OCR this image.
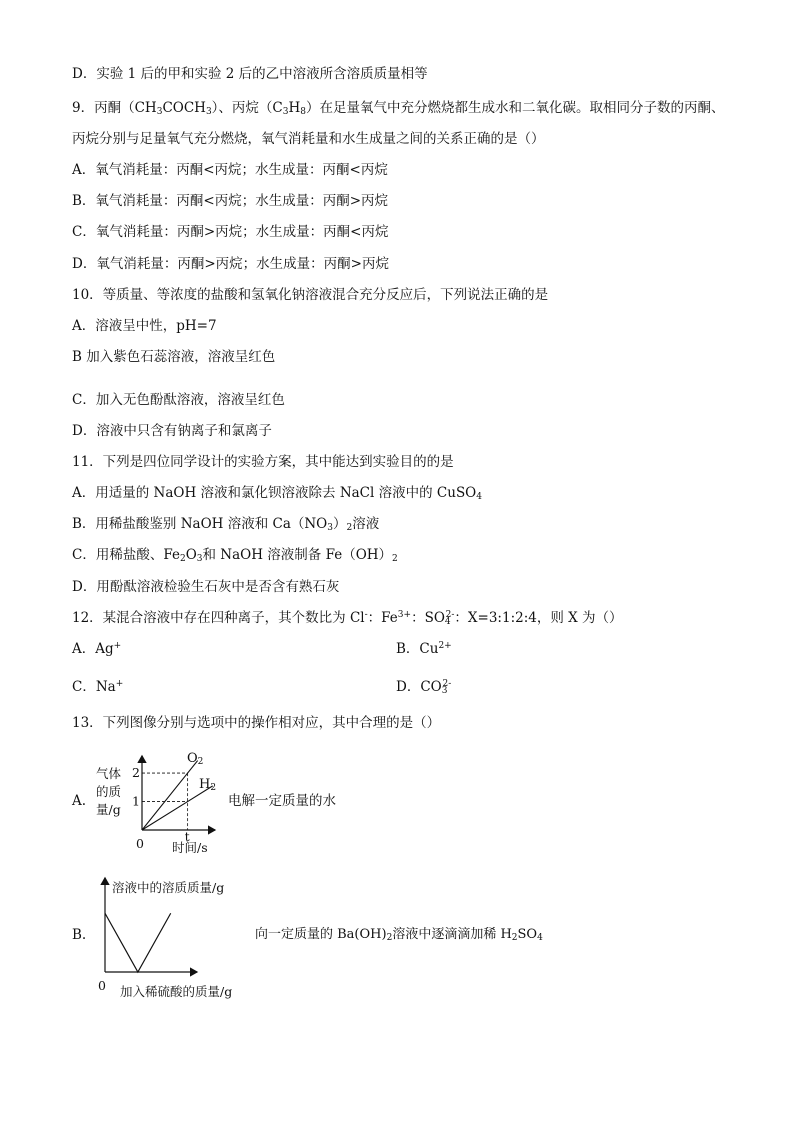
D．实验 1 后的甲和实验 2 后的乙中溶液所含溶质质量相等
9．丙酮$(CH_3COCH_3)$、丙烷$(C_3H_8)$在足量氧气中充分燃烧都生成水和二氧化碳。取相同分子数的丙酮、
丙烷分别与足量氧气充分燃烧，氧气消耗量和水生成量之间的关系正确的是（）
A．氧气消耗量：丙酮<丙烷；水生成量：丙酮<丙烷
B．氧气消耗量：丙酮<丙烷；水生成量：丙酮>丙烷
C．氧气消耗量：丙酮>丙烷；水生成量：丙酮<丙烷
D．氧气消耗量：丙酮>丙烷；水生成量：丙酮>丙烷
10．等质量、等浓度的盐酸和氢氧化钠溶液混合充分反应后，下列说法正确的是
A．溶液呈中性，pH=7
B 加入紫色石蕊溶液，溶液呈红色
C．加入无色酚酞溶液，溶液呈红色
D．溶液中只含有钠离子和氯离子
11．下列是四位同学设计的实验方案，其中能达到实验目的的是
A．用适量的 NaOH 溶液和氯化钡溶液除去 NaCl 溶液中的 CuSO$_4$
B．用稀盐酸鉴别 NaOH 溶液和 $Ca(NO_3)_2$溶液
C．用稀盐酸、$Fe_2O_3$和 NaOH 溶液制备 $Fe(OH)_2$
D．用酚酞溶液检验生石灰中是否含有熟石灰
12．某混合溶液中存在四种离子，其个数比为 Cl-：$Fe^{3+}$：$SO_4^{2-}$：X=3:1:2:4，则 X 为（）
A．Ag+	B．$Cu^{2+}$
C．Na+	D．$CO_3^{2-}$
13．下列图像分别与选项中的操作相对应，其中合理的是（）
A.	电解一定质量的水
气体
的质
量/g
1
2
t
0 时间/s
$O_2$
$H_2$
B.	向一定质量的 $Ba(OH)_2$溶液中逐滴滴加稀 $H_2SO_4$
溶液中的溶质质量/g
0 加入稀硫酸的质量/g
